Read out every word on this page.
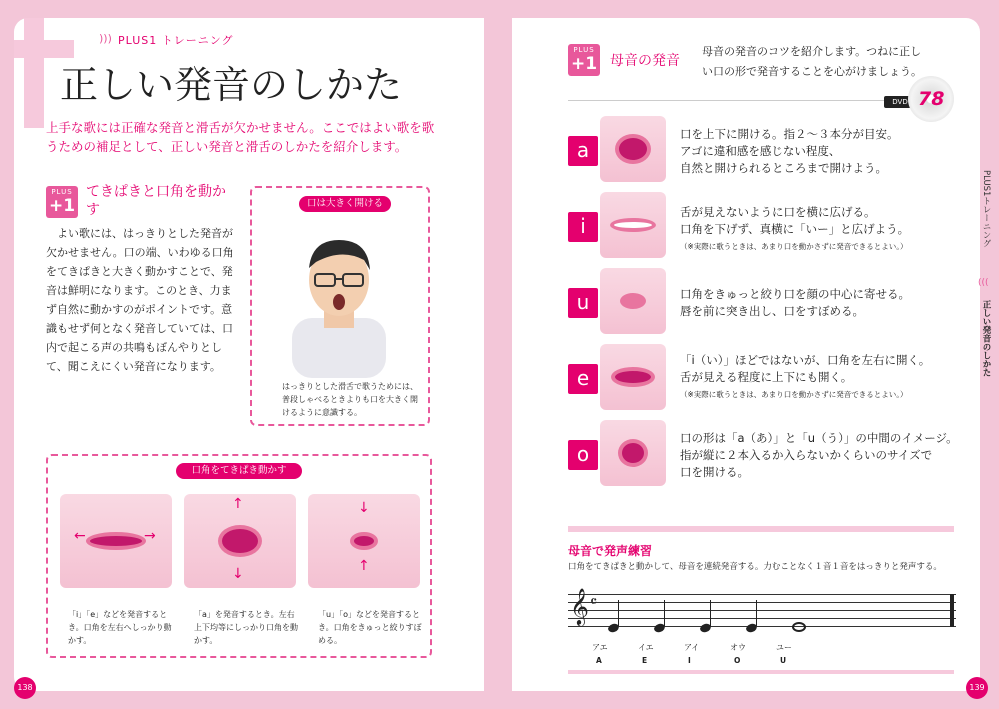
))) PLUS1 トレーニング
正しい発音のしかた
上手な歌には正確な発音と滑舌が欠かせません。ここではよい歌を歌うための補足として、正しい発音と滑舌のしかたを紹介します。
PLUS
+1
てきぱきと口角を動かす
よい歌には、はっきりとした発音が欠かせません。口の端、いわゆる口角をてきぱきと大きく動かすことで、発音は鮮明になります。このとき、力まず自然に動かすのがポイントです。意識もせず何となく発音していては、口内で起こる声の共鳴もぼんやりとして、聞こえにくい発音になります。
口は大きく開ける
はっきりとした滑舌で歌うためには、普段しゃべるときよりも口を大きく開けるように意識する。
口角をてきぱき動かす
←	→
↑
↓
↓
↑
「i」「e」などを発音するとき。口角を左右へしっかり動かす。
「a」を発音するとき。左右上下均等にしっかり口角を動かす。
「u」「o」などを発音するとき。口角をきゅっと絞りすぼめる。
138
PLUS
+1 母音の発音
母音の発音のコツを紹介します。つねに正しい口の形で発音することを心がけましょう。
DVD 78
a
口を上下に開ける。指２～３本分が目安。
アゴに違和感を感じない程度、
自然と開けられるところまで開けよう。
i
舌が見えないように口を横に広げる。
口角を下げず、真横に「いー」と広げよう。
（※実際に歌うときは、あまり口を動かさずに発音できるとよい。）
u	口角をきゅっと絞り口を顔の中心に寄せる。
唇を前に突き出し、口をすぼめる。
e
「i（い）」ほどではないが、口角を左右に開く。
舌が見える程度に上下にも開く。
（※実際に歌うときは、あまり口を動かさずに発音できるとよい。）
o
口の形は「a（あ）」と「u（う）」の中間のイメージ。
指が縦に２本入るか入らないかくらいのサイズで
口を開ける。
母音で発声練習
口角をてきぱきと動かして、母音を連続発音する。力むことなく１音１音をはっきりと発声する。
𝄞 𝄴
アエ	イエ	アイ	オウ	ユー
A	E	I	O	U
PLUS1トレーニング
(((
正しい発音のしかた
139
